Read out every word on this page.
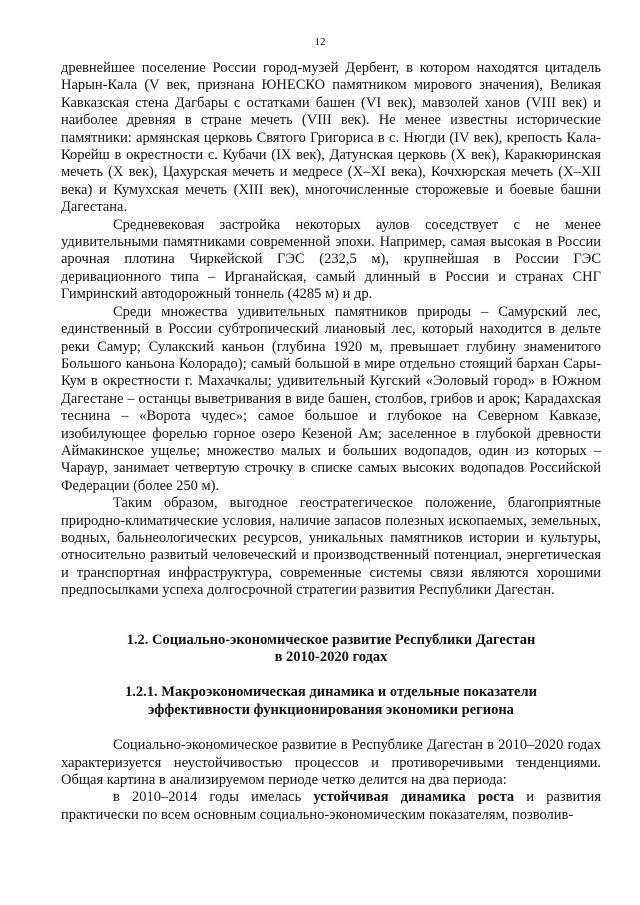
12

древнейшее поселение России город-музей Дербент, в котором находятся цитадель Нарын-Кала (V век, признана ЮНЕСКО памятником мирового значения), Великая Кавказская стена Дагбары с остатками башен (VI век), мавзолей ханов (VIII век) и наиболее древняя в стране мечеть (VIII век). Не менее известны исторические памятники: армянская церковь Святого Григориса в с. Нюгди (IV век), крепость Кала-Корейш в окрестности с. Кубачи (IX век), Датунская церковь (X век), Каракюринская мечеть (X век), Цахурская мечеть и медресе (X–XI века), Кочхюрская мечеть (X–XII века) и Кумухская мечеть (XIII век), многочисленные сторожевые и боевые башни Дагестана.

Средневековая застройка некоторых аулов соседствует с не менее удивительными памятниками современной эпохи. Например, самая высокая в России арочная плотина Чиркейской ГЭС (232,5 м), крупнейшая в России ГЭС деривационного типа – Ирганайская, самый длинный в России и странах СНГ Гимринский автодорожный тоннель (4285 м) и др.

Среди множества удивительных памятников природы – Самурский лес, единственный в России субтропический лиановый лес, который находится в дельте реки Самур; Сулакский каньон (глубина 1920 м, превышает глубину знаменитого Большого каньона Колорадо); самый большой в мире отдельно стоящий бархан Сары-Кум в окрестности г. Махачкалы; удивительный Кугский «Эоловый город» в Южном Дагестане – останцы выветривания в виде башен, столбов, грибов и арок; Карадахская теснина – «Ворота чудес»; самое большое и глубокое на Северном Кавказе, изобилующее форелью горное озеро Кезеной Ам; заселенное в глубокой древности Аймакинское ущелье; множество малых и больших водопадов, один из которых – Чараур, занимает четвертую строчку в списке самых высоких водопадов Российской Федерации (более 250 м).

Таким образом, выгодное геостратегическое положение, благоприятные природно-климатические условия, наличие запасов полезных ископаемых, земельных, водных, бальнеологических ресурсов, уникальных памятников истории и культуры, относительно развитый человеческий и производственный потенциал, энергетическая и транспортная инфраструктура, современные системы связи являются хорошими предпосылками успеха долгосрочной стратегии развития Республики Дагестан.

1.2. Социально-экономическое развитие Республики Дагестан
в 2010-2020 годах
1.2.1. Макроэкономическая динамика и отдельные показатели
эффективности функционирования экономики региона

Социально-экономическое развитие в Республике Дагестан в 2010–2020 годах характеризуется неустойчивостью процессов и противоречивыми тенденциями. Общая картина в анализируемом периоде четко делится на два периода:

в 2010–2014 годы имелась устойчивая динамика роста и развития практически по всем основным социально-экономическим показателям, позволив-
